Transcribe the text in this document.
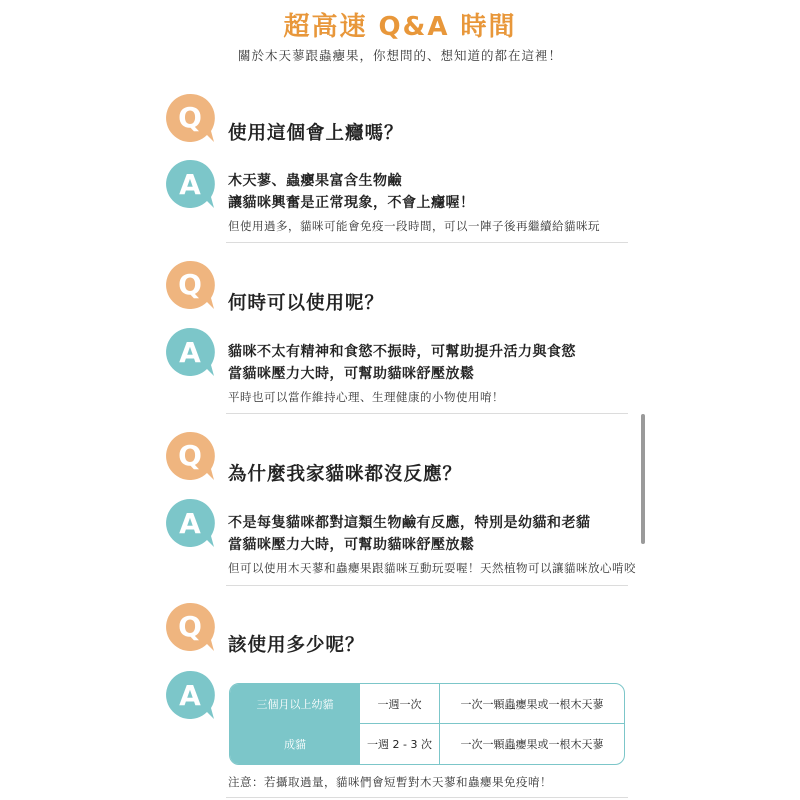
超高速 Q&A 時間
關於木天蓼跟蟲癭果，你想問的、想知道的都在這裡！
Q 使用這個會上癮嗎？
A 木天蓼、蟲癭果富含生物鹼
讓貓咪興奮是正常現象，不會上癮喔！
但使用過多，貓咪可能會免疫一段時間，可以一陣子後再繼續給貓咪玩
Q
何時可以使用呢？
A 貓咪不太有精神和食慾不振時，可幫助提升活力與食慾
當貓咪壓力大時，可幫助貓咪舒壓放鬆
平時也可以當作維持心理、生理健康的小物使用唷！
Q
為什麼我家貓咪都沒反應？
A 不是每隻貓咪都對這類生物鹼有反應，特別是幼貓和老貓
當貓咪壓力大時，可幫助貓咪舒壓放鬆
但可以使用木天蓼和蟲癭果跟貓咪互動玩耍喔！天然植物可以讓貓咪放心啃咬
Q
該使用多少呢？
A	三個月以上幼貓	一週一次	一次一顆蟲癭果或一根木天蓼
成貓	一週 2 - 3 次	一次一顆蟲癭果或一根木天蓼
注意：若攝取過量，貓咪們會短暫對木天蓼和蟲癭果免疫唷！
